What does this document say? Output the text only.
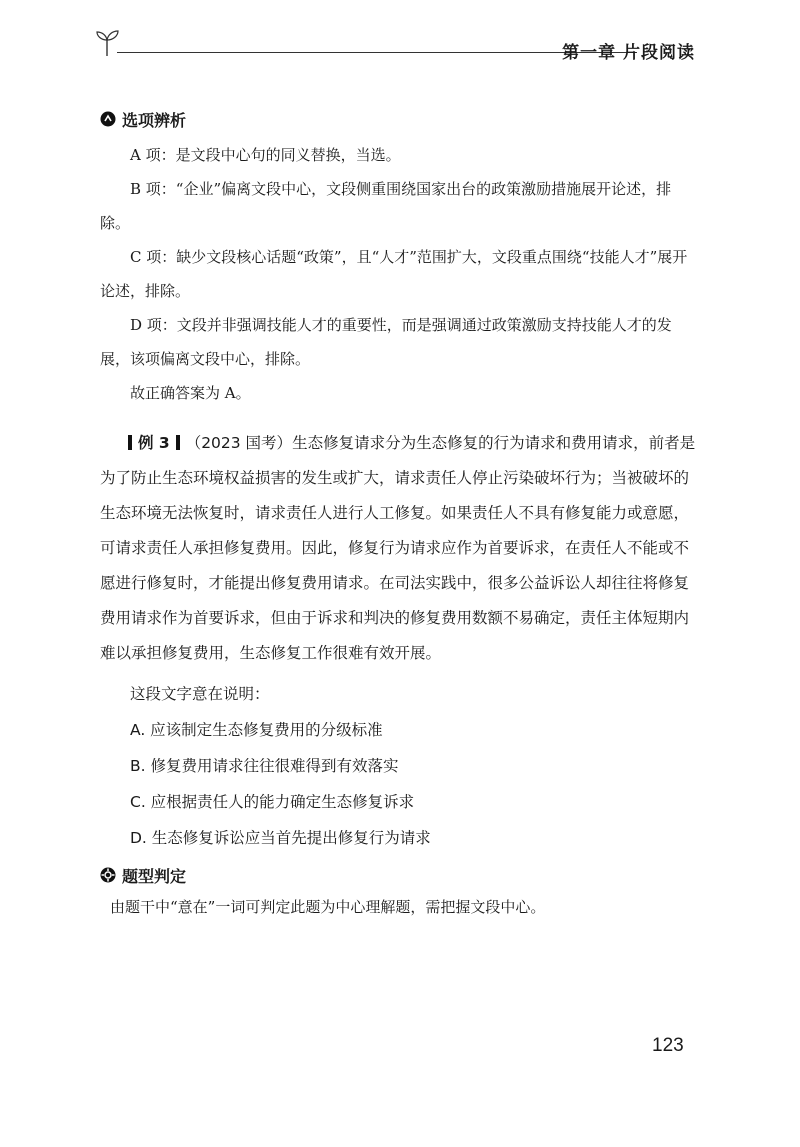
第一章 片段阅读
选项辨析

A 项：是文段中心句的同义替换，当选。

B 项：“企业”偏离文段中心，文段侧重围绕国家出台的政策激励措施展开论述，排除。

C 项：缺少文段核心话题“政策”，且“人才”范围扩大，文段重点围绕“技能人才”展开论述，排除。

D 项：文段并非强调技能人才的重要性，而是强调通过政策激励支持技能人才的发展，该项偏离文段中心，排除。

故正确答案为 A。

例 3 （2023 国考）生态修复请求分为生态修复的行为请求和费用请求，前者是为了防止生态环境权益损害的发生或扩大，请求责任人停止污染破坏行为；当被破坏的生态环境无法恢复时，请求责任人进行人工修复。如果责任人不具有修复能力或意愿，可请求责任人承担修复费用。因此，修复行为请求应作为首要诉求，在责任人不能或不愿进行修复时，才能提出修复费用请求。在司法实践中，很多公益诉讼人却往往将修复费用请求作为首要诉求，但由于诉求和判决的修复费用数额不易确定，责任主体短期内难以承担修复费用，生态修复工作很难有效开展。

这段文字意在说明：

A. 应该制定生态修复费用的分级标准

B. 修复费用请求往往很难得到有效落实

C. 应根据责任人的能力确定生态修复诉求

D. 生态修复诉讼应当首先提出修复行为请求

题型判定

由题干中“意在”一词可判定此题为中心理解题，需把握文段中心。

123
